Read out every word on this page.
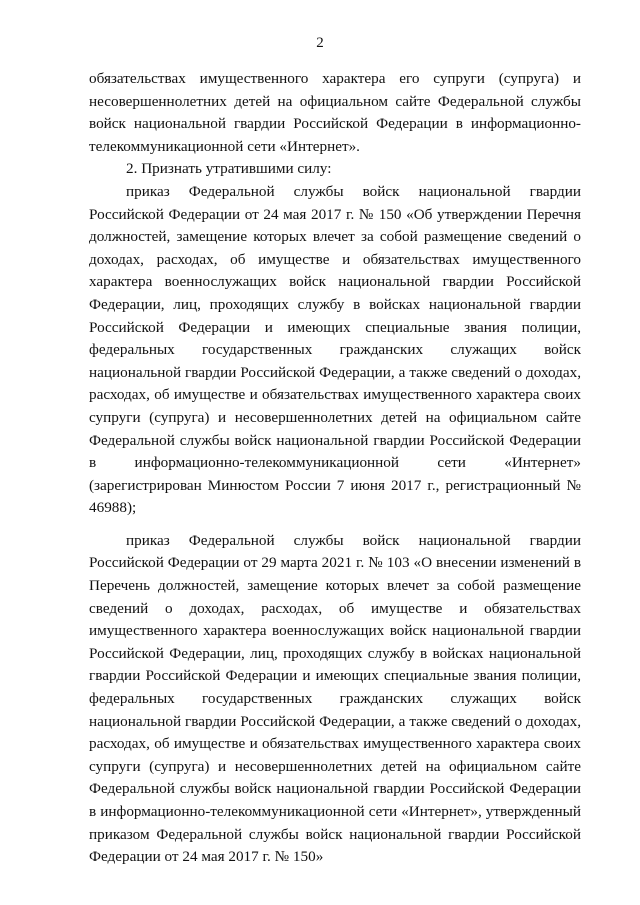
2

обязательствах имущественного характера его супруги (супруга) и несовершеннолетних детей на официальном сайте Федеральной службы войск национальной гвардии Российской Федерации в информационно-телекоммуникационной сети «Интернет».

2. Признать утратившими силу:

приказ Федеральной службы войск национальной гвардии Российской Федерации от 24 мая 2017 г. № 150 «Об утверждении Перечня должностей, замещение которых влечет за собой размещение сведений о доходах, расходах, об имуществе и обязательствах имущественного характера военнослужащих войск национальной гвардии Российской Федерации, лиц, проходящих службу в войсках национальной гвардии Российской Федерации и имеющих специальные звания полиции, федеральных государственных гражданских служащих войск национальной гвардии Российской Федерации, а также сведений о доходах, расходах, об имуществе и обязательствах имущественного характера своих супруги (супруга) и несовершеннолетних детей на официальном сайте Федеральной службы войск национальной гвардии Российской Федерации в информационно-телекоммуникационной сети «Интернет» (зарегистрирован Минюстом России 7 июня 2017 г., регистрационный № 46988);

приказ Федеральной службы войск национальной гвардии Российской Федерации от 29 марта 2021 г. № 103 «О внесении изменений в Перечень должностей, замещение которых влечет за собой размещение сведений о доходах, расходах, об имуществе и обязательствах имущественного характера военнослужащих войск национальной гвардии Российской Федерации, лиц, проходящих службу в войсках национальной гвардии Российской Федерации и имеющих специальные звания полиции, федеральных государственных гражданских служащих войск национальной гвардии Российской Федерации, а также сведений о доходах, расходах, об имуществе и обязательствах имущественного характера своих супруги (супруга) и несовершеннолетних детей на официальном сайте Федеральной службы войск национальной гвардии Российской Федерации в информационно-телекоммуникационной сети «Интернет», утвержденный приказом Федеральной службы войск национальной гвардии Российской Федерации от 24 мая 2017 г. № 150»
